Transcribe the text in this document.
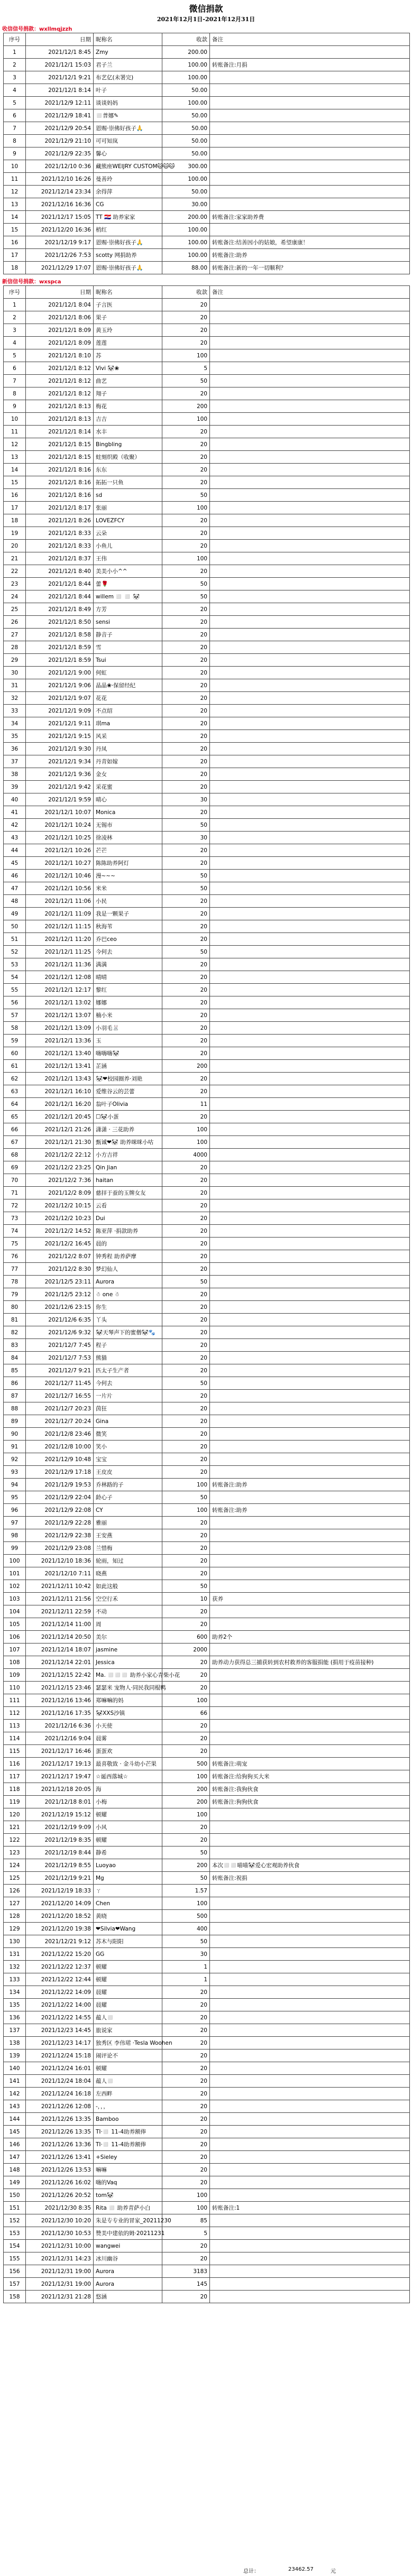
微信捐款
2021年12月1日-2021年12月31日
收信信号捐款：wxllmqjzzh
序号	日期	昵称名	收款	备注
1	2021/12/1 8:45	Zmy	200.00	
2	2021/12/1 15:03	君子兰	100.00	转账备注:月捐
3	2021/12/1 9:21	布艺亿(未署完)	100.00	
4	2021/12/1 8:14	叶子	50.00	
5	2021/12/9 12:11	谈谈妈妈	100.00	
6	2021/12/9 18:41	◻️普娜✎	50.00	
7	2021/12/9 20:54	恩赐·崇佛好孩子🙏	50.00	
8	2021/12/9 21:10	可可知岚	50.00	
9	2021/12/9 22:35	馨心	50.00	
10	2021/12/10 0:36	藏熊座WEIJRY CUSTOM🐱🐱🐱	300.00	
11	2021/12/10 16:26	曼善玲	100.00	
12	2021/12/14 23:34	余得萍	50.00	
13	2021/12/16 16:36	CG	30.00	
14	2021/12/17 15:05	TT 🇭🇷 助养家家	200.00	转账备注:家家助养费
15	2021/12/20 16:36	梢红	100.00	
16	2021/12/19 9:17	恩赐·崇佛好孩子🙏	100.00	转账备注:结善因小的姑娘，希望康康！
17	2021/12/26 7:53	scotty 网捐助养	100.00	转账备注:助养
18	2021/12/29 17:07	恩赐·崇佛好孩子🙏	88.00	转账备注:新的一年一切顺利？
新信信号捐款：wxspca
序号	日期	昵称名	收款	备注
1	2021/12/1 8:04	子言医	20	
2	2021/12/1 8:06	果子	20	
3	2021/12/1 8:09	黄玉玲	20	
4	2021/12/1 8:09	莲莲	20	
5	2021/12/1 8:10	苏	100	
6	2021/12/1 8:12	Vivi 🐼❀	5	
7	2021/12/1 8:12	曲艺	50	
8	2021/12/1 8:12	翔子	20	
9	2021/12/1 8:13	梅花	200	
10	2021/12/1 8:13	吉吉	100	
11	2021/12/1 8:14	水丰	20	
12	2021/12/1 8:15	Bingbling	20	
13	2021/12/1 8:15	蛀刻织殿（收聚）	20	
14	2021/12/1 8:16	东东	20	
15	2021/12/1 8:16	拓拓一只鱼	20	
16	2021/12/1 8:16	sd	50	
17	2021/12/1 8:17	张丽	100	
18	2021/12/1 8:26	LOVEZFCY	20	
19	2021/12/1 8:33	云朵	20	
20	2021/12/1 8:33	小鱼儿	20	
21	2021/12/1 8:37	王伟	100	
22	2021/12/1 8:40	美美小小^^	20	
23	2021/12/1 8:44	蕾🌹	50	
24	2021/12/1 8:44	willem ◻️ ◻️ 🐼	50	
25	2021/12/1 8:49	方芳	20	
26	2021/12/1 8:50	sensi	20	
27	2021/12/1 8:58	静音子	20	
28	2021/12/1 8:59	雪	20	
29	2021/12/1 8:59	Tsui	20	
30	2021/12/1 9:00	何虹	20	
31	2021/12/1 9:06	晶晶❀·保留经纪	20	
32	2021/12/1 9:07	花花	20	
33	2021/12/1 9:09	不点绍	20	
34	2021/12/1 9:11	琪ma	20	
35	2021/12/1 9:15	风采	20	
36	2021/12/1 9:30	丹凤	20	
37	2021/12/1 9:34	丹青如嫁	20	
38	2021/12/1 9:36	金女	20	
39	2021/12/1 9:42	采花蜜	20	
40	2021/12/1 9:59	晴心	30	
41	2021/12/1 10:07	Monica	20	
42	2021/12/1 10:24	无锡市	50	
43	2021/12/1 10:25	徐凌林	30	
44	2021/12/1 10:26	芒芒	20	
45	2021/12/1 10:27	陈陈助养阿灯	20	
46	2021/12/1 10:46	漫~~~	50	
47	2021/12/1 10:56	米米	50	
48	2021/12/1 11:06	小民	20	
49	2021/12/1 11:09	我是一颗果子	20	
50	2021/12/1 11:15	秋海苇	20	
51	2021/12/1 11:20	乔巴ceo	20	
52	2021/12/1 11:25	今何去	50	
53	2021/12/1 11:36	满满	20	
54	2021/12/1 12:08	晴晴	20	
55	2021/12/1 12:17	黎红	20	
56	2021/12/1 13:02	娜娜	20	
57	2021/12/1 13:07	楠小米	20	
58	2021/12/1 13:09	小羽毛🐰	20	
59	2021/12/1 13:36	玉	20	
60	2021/12/1 13:40	嗨嗨嗨🐼	20	
61	2021/12/1 13:41	芷涵	200	
62	2021/12/1 13:43	🐼❤校园圈养·刘艳	20	
63	2021/12/1 16:10	爱维谷云的芸蕾	20	
64	2021/12/1 16:20	翁叶子Olivia	11	
65	2021/12/1 20:45	☐🐼小蛋	20	
66	2021/12/1 21:26	潇潇 · 三花助养	100	
67	2021/12/1 21:30	甄诚❤🐼 助养咪咪小咕	100	
68	2021/12/2 22:12	小方吉祥	4000	
69	2021/12/2 23:25	Qin Jian	20	
70	2021/12/2 7:36	haitan	20	
71	2021/12/2 8:09	慈拝于蚕的玉牌女友	20	
72	2021/12/2 10:15	云看	20	
73	2021/12/2 10:23	Dui	20	
74	2021/12/2 14:52	陈亚萍 ·捐款助养	20	
75	2021/12/2 16:45	晨的	20	
76	2021/12/2 8:07	钟秀程 助养萨摩	20	
77	2021/12/2 8:30	梦幻仙人	20	
78	2021/12/5 23:11	Aurora	50	
79	2021/12/5 23:12	☃ one ☃	20	
80	2021/12/6 23:15	你生	20	
81	2021/12/6 6:35	丫头	20	
82	2021/12/6 9:32	🐼天琴声下的蜜僧🐼🐾	20	
83	2021/12/7 7:45	程子	20	
84	2021/12/7 7:53	熊猫	20	
85	2021/12/7 9:21	匹太子生产者	20	
86	2021/12/7 11:45	今何去	50	
87	2021/12/7 16:55	一片片	20	
88	2021/12/7 20:23	茵狂	20	
89	2021/12/7 20:24	Gina	20	
90	2021/12/8 23:46	微笑	20	
91	2021/12/8 10:00	笑小	20	
92	2021/12/9 10:48	宝宝	20	
93	2021/12/9 17:18	王皮皮	20	
94	2021/12/9 19:53	乔林路的子	100	转账备注:助养
95	2021/12/9 22:04	龄心子	50	
96	2021/12/9 22:08	CY	100	转账备注:助养
97	2021/12/9 22:28	雅丽	20	
98	2021/12/9 22:38	王安燕	20	
99	2021/12/9 23:08	兰惜梅	20	
100	2021/12/10 18:36	轮雨，知过	20	
101	2021/12/10 7:11	晓燕	20	
102	2021/12/11 10:42	如此这般	50	
103	2021/12/11 21:56	空空行禾	10	获养
104	2021/12/11 22:59	不动	20	
105	2021/12/14 11:00	周	20	
106	2021/12/14 20:50	美尔	600	助养2个
107	2021/12/14 18:07	jasmine	2000	
108	2021/12/14 22:01	Jessica	20	助养动力获得总三捕获转到农村救养的客服捐能 (捐用于疫苗接种)
109	2021/12/15 22:42	Ma. ◻️◻️◻️ 助养小家心青柴小花	20	
110	2021/12/15 23:46	瑟瑟米 宠物人·同民我同棍鸭	20	
111	2021/12/16 13:46	郑嘛嘛的妈	100	
112	2021/12/16 17:35	🐼XXS沙镇	66	
113	2021/12/16 6:36	小天使	20	
114	2021/12/16 9:04	晨雾	20	
115	2021/12/17 16:46	蛋蛋欢	20	
116	2021/12/17 19:13	最喜敬致 · 金斗幼小芒果	500	转账备注:萌宠
117	2021/12/17 19:47	☆诞西落城☆	100	转账备注:给狗狗买大米
118	2021/12/18 20:05	海	200	转账备注:我狗伙食
119	2021/12/18 8:01	小梅	200	转账备注:狗狗伙食
120	2021/12/19 15:12	顿耀	100	
121	2021/12/19 9:09	小风	20	
122	2021/12/19 8:35	顿耀	20	
123	2021/12/19 8:44	静希	50	
124	2021/12/19 8:55	Luoyao	200	本次◻️◻️喵喵🐼爱心宏观助养伙食
125	2021/12/19 9:21	Mg	50	转账备注:祝捐
126	2021/12/19 18:33	ㄚ	1.57	
127	2021/12/20 14:09	Chen	100	
128	2021/12/20 18:52	黄晓	500	
129	2021/12/20 19:38	❤Silvia❤Wang	400	
130	2021/12/21 9:12	苏木与阳阳	50	
131	2021/12/22 15:20	GG	30	
132	2021/12/22 12:37	顿耀	1	
133	2021/12/22 12:44	顿耀	1	
134	2021/12/22 14:09	晨耀	20	
135	2021/12/22 14:00	晨耀	20	
136	2021/12/22 14:55	蕴人◻️	20	
137	2021/12/23 14:45	旅说家	20	
138	2021/12/23 14:17	独秀区 李伟珺 ·Tesla Woohen	20	
139	2021/12/24 15:18	闹评论不	20	
140	2021/12/24 16:01	顿耀	20	
141	2021/12/24 18:04	蕴人◻️	20	
142	2021/12/24 16:18	左西畔	20	
143	2021/12/26 12:08	-，，，	20	
144	2021/12/26 13:35	Bamboo	20	
145	2021/12/26 13:35	TI·◻️ 11-4助养额俸	20	
146	2021/12/26 13:36	TI·◻️ 11-4助养额俸	20	
147	2021/12/26 13:41	+Sieley	20	
148	2021/12/26 13:53	嘛嘛	20	
149	2021/12/26 16:02	嗨的Vaq	20	
150	2021/12/26 20:52	tom🐼	100	
151	2021/12/30 8:35	Rita ◻️ 助养青萨小白	100	转账备注:1
152	2021/12/30 10:20	朱是专专业的冒家_20211230	85	
153	2021/12/30 10:53	赞美中建依的姆·20211231	5	
154	2021/12/31 10:00	wangwei	20	
155	2021/12/31 14:23	冰川幽谷	20	
156	2021/12/31 19:00	Aurora	3183	
157	2021/12/31 19:00	Aurora	145	
158	2021/12/31 21:28	悠涵	20	
总计：	23462.57	元
